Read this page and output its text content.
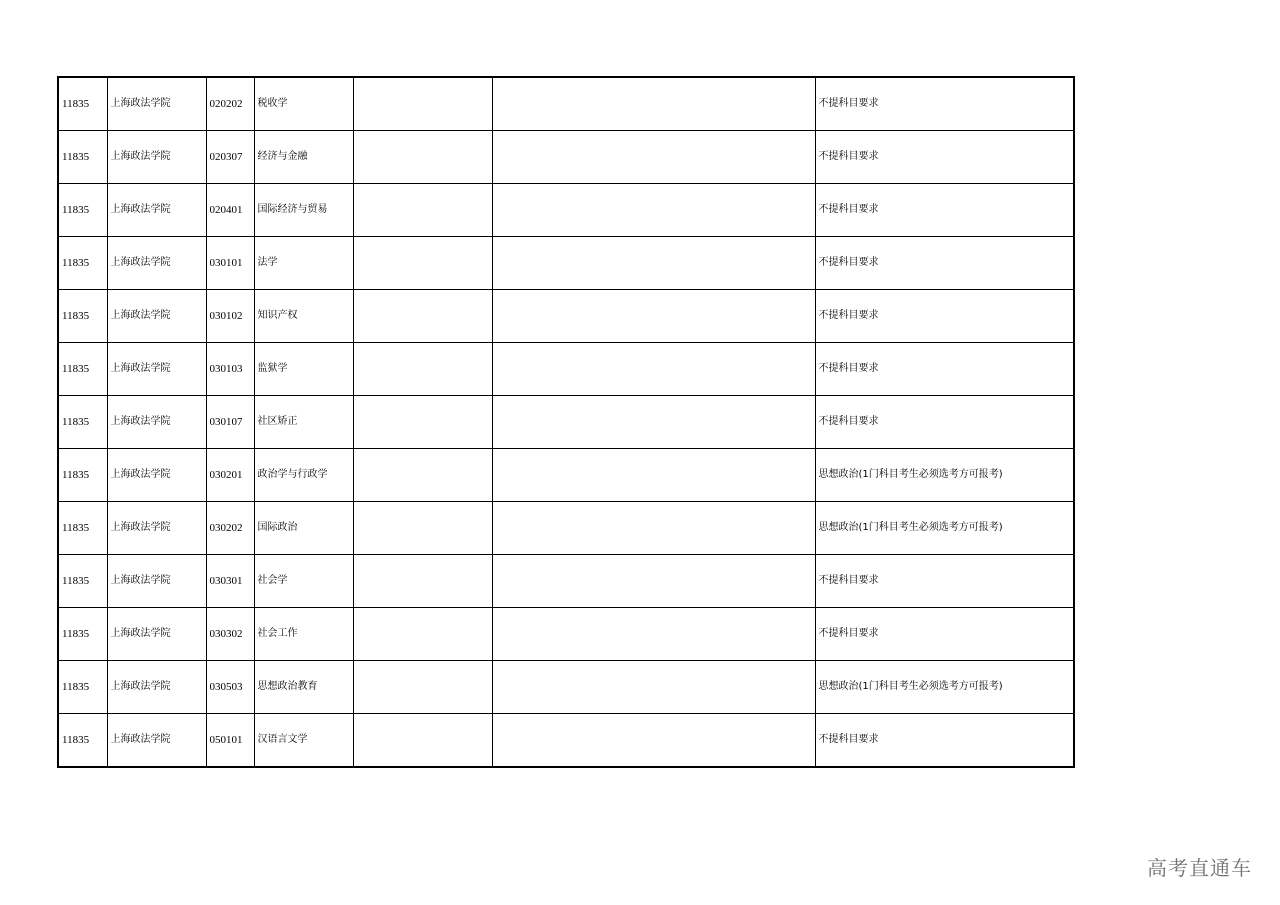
11835	上海政法学院	020202	税收学			不提科目要求
11835	上海政法学院	020307	经济与金融			不提科目要求
11835	上海政法学院	020401	国际经济与贸易			不提科目要求
11835	上海政法学院	030101	法学			不提科目要求
11835	上海政法学院	030102	知识产权			不提科目要求
11835	上海政法学院	030103	监狱学			不提科目要求
11835	上海政法学院	030107	社区矫正			不提科目要求
11835	上海政法学院	030201	政治学与行政学			思想政治(1门科目考生必须选考方可报考)
11835	上海政法学院	030202	国际政治			思想政治(1门科目考生必须选考方可报考)
11835	上海政法学院	030301	社会学			不提科目要求
11835	上海政法学院	030302	社会工作			不提科目要求
11835	上海政法学院	030503	思想政治教育			思想政治(1门科目考生必须选考方可报考)
11835	上海政法学院	050101	汉语言文学			不提科目要求
高考直通车
